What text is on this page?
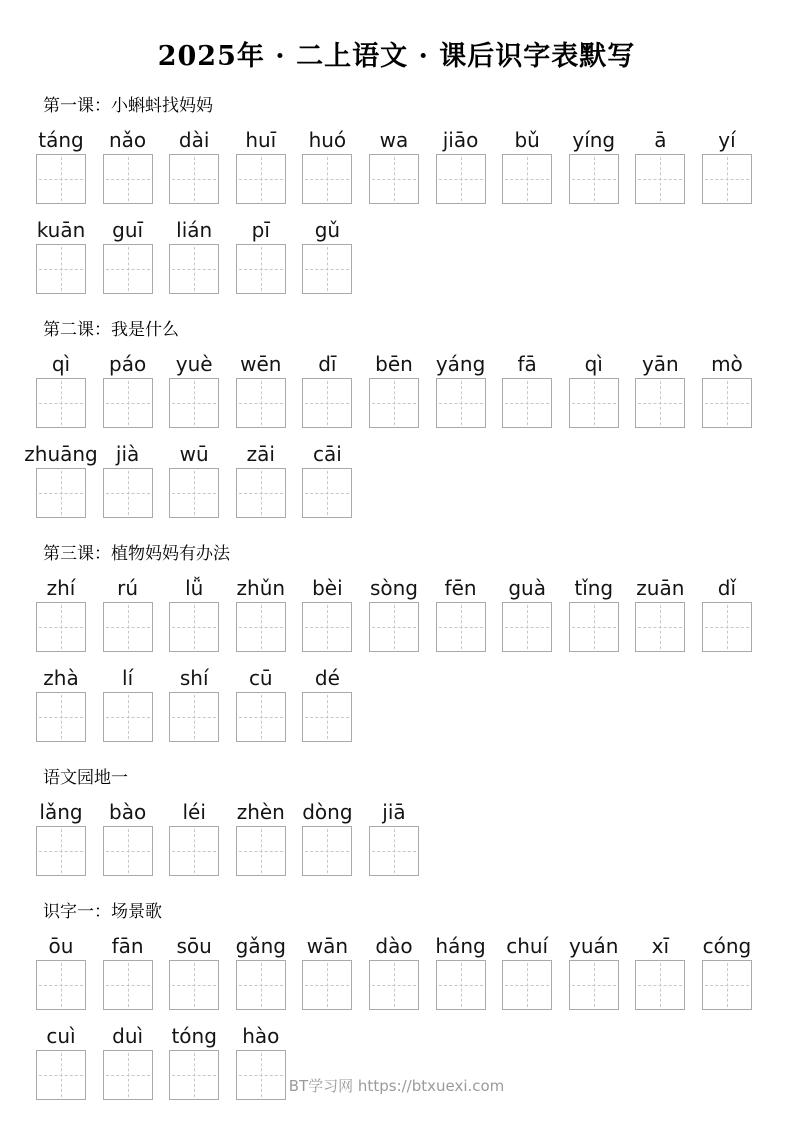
2025年 · 二上语文 · 课后识字表默写
第一课：小蝌蚪找妈妈
táng nǎo dài huī huó wa jiāo bǔ yíng ā	yí
kuān guī lián pī gǔ
第二课：我是什么
qì páo yuè wēn dī bēn yáng fā qì yān mò
zhuāng jià wū zāi cāi
第三课：植物妈妈有办法
zhí rú lǚ zhǔn bèi sòng fēn guà tǐng zuān dǐ
zhà lí shí cū dé
语文园地一
lǎng bào léi zhèn dòng jiā
识字一：场景歌
ōu fān sōu gǎng wān dào háng chuí yuán xī cóng
cuì duì tóng hào
BT学习网 https://btxuexi.com
